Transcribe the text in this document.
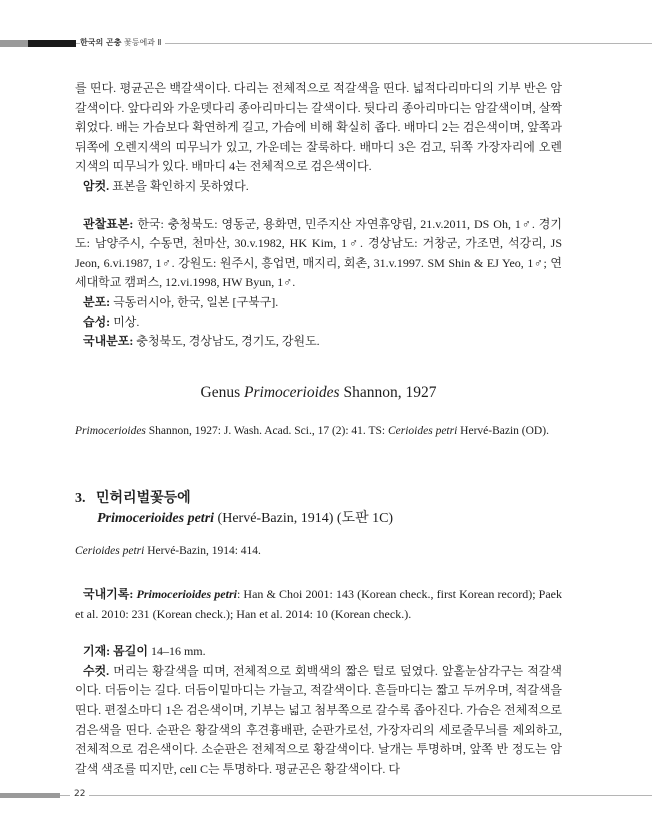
한국의 곤충 꽃등에과 Ⅱ

를 띤다. 평균곤은 백갈색이다. 다리는 전체적으로 적갈색을 띤다. 넓적다리마디의 기부 반은 암갈색이다. 앞다리와 가운뎃다리 종아리마디는 갈색이다. 뒷다리 종아리마디는 암갈색이며, 살짝 휘었다. 배는 가슴보다 확연하게 길고, 가슴에 비해 확실히 좁다. 배마디 2는 검은색이며, 앞쪽과 뒤쪽에 오렌지색의 띠무늬가 있고, 가운데는 잘룩하다. 배마디 3은 검고, 뒤쪽 가장자리에 오렌지색의 띠무늬가 있다. 배마디 4는 전체적으로 검은색이다.

암컷. 표본을 확인하지 못하였다.

관찰표본: 한국: 충청북도: 영동군, 용화면, 민주지산 자연휴양림, 21.v.2011, DS Oh, 1♂. 경기도: 남양주시, 수동면, 천마산, 30.v.1982, HK Kim, 1♂. 경상남도: 거창군, 가조면, 석강리, JS Jeon, 6.vi.1987, 1♂. 강원도: 원주시, 흥업면, 매지리, 회촌, 31.v.1997. SM Shin & EJ Yeo, 1♂; 연세대학교 캠퍼스, 12.vi.1998, HW Byun, 1♂.

분포: 극동러시아, 한국, 일본 [구북구].

습성: 미상.

국내분포: 충청북도, 경상남도, 경기도, 강원도.

Genus Primocerioides Shannon, 1927
Primocerioides Shannon, 1927: J. Wash. Acad. Sci., 17 (2): 41. TS: Cerioides petri Hervé-Bazin (OD).
3. 민허리벌꽃등에
Primocerioides petri (Hervé-Bazin, 1914) (도판 1C)
Cerioides petri Hervé-Bazin, 1914: 414.

국내기록: Primocerioides petri: Han & Choi 2001: 143 (Korean check., first Korean record); Paek et al. 2010: 231 (Korean check.); Han et al. 2014: 10 (Korean check.).

기재: 몸길이 14–16 mm.

수컷. 머리는 황갈색을 띠며, 전체적으로 회백색의 짧은 털로 덮였다. 앞홑눈삼각구는 적갈색이다. 더듬이는 길다. 더듬이밑마디는 가늘고, 적갈색이다. 흔들마디는 짧고 두꺼우며, 적갈색을 띤다. 편절소마디 1은 검은색이며, 기부는 넓고 첨부쪽으로 갈수록 좁아진다. 가슴은 전체적으로 검은색을 띤다. 순판은 황갈색의 후견흉배판, 순판가로선, 가장자리의 세로줄무늬를 제외하고, 전체적으로 검은색이다. 소순판은 전체적으로 황갈색이다. 날개는 투명하며, 앞쪽 반 정도는 암갈색 색조를 띠지만, cell C는 투명하다. 평균곤은 황갈색이다. 다

22
